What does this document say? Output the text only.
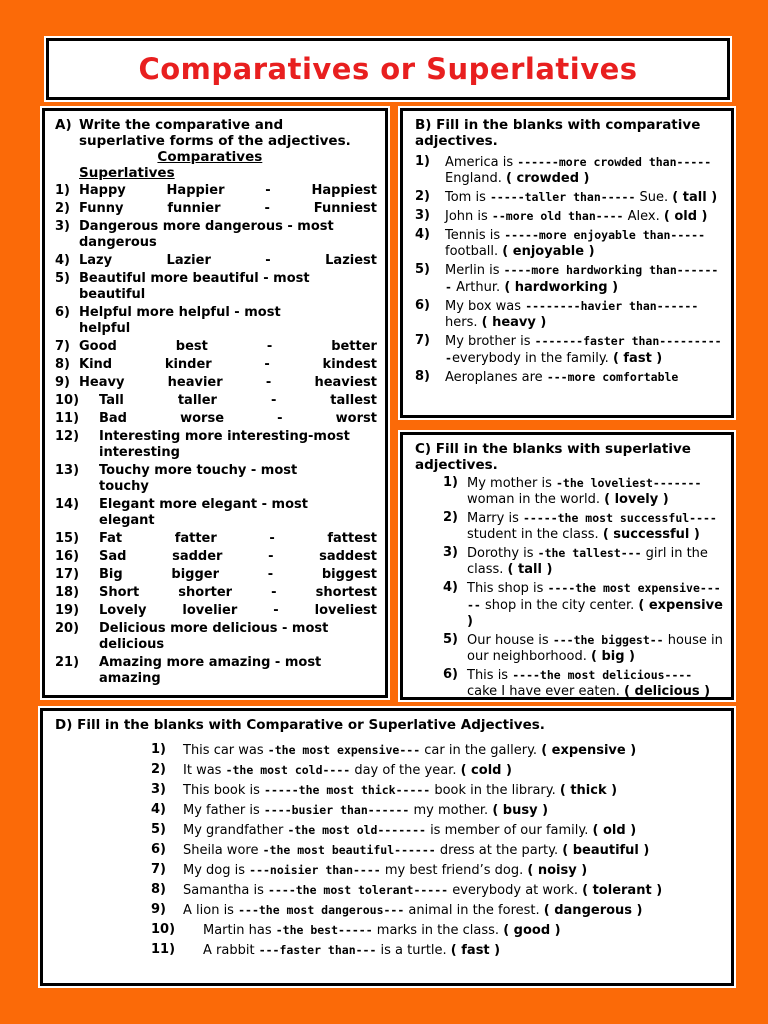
Comparatives or Superlatives
A) Write the comparative and
superlative forms of the adjectives.
Comparatives
Superlatives
1) Happy	Happier	-	Happiest
2) Funny	funnier	-	Funniest
3) Dangerous more dangerous - most
dangerous
4) Lazy	Lazier	-	Laziest
5) Beautiful more beautiful - most
beautiful
6) Helpful more helpful - most
helpful
7) Good	best	-	better
8) Kind	kinder	-	kindest
9) Heavy	heavier	-	heaviest
10)	Tall	taller	-	tallest
11)	Bad	worse	-	worst
12)	Interesting more interesting-most
interesting
13)	Touchy more touchy - most
touchy
14)	Elegant more elegant - most
elegant
15)	Fat	fatter	-	fattest
16)	Sad	sadder	-	saddest
17)	Big	bigger	-	biggest
18)	Short	shorter	-	shortest
19)	Lovely	lovelier	-	loveliest
20)	Delicious more delicious - most
delicious
21)	Amazing more amazing - most
amazing
B) Fill in the blanks with comparative
adjectives.
1)	America is ------more crowded than----- England. ( crowded )
2)	Tom is -----taller than----- Sue. ( tall )
3)	John is --more old than---- Alex. ( old )
4)	Tennis is -----more enjoyable than----- football. ( enjoyable )
5)	Merlin is ----more hardworking than------- Arthur. ( hardworking )
6)	My box was --------havier than------ hers. ( heavy )
7)	My brother is -------faster than----------everybody in the family. ( fast )
8)	Aeroplanes are ---more comfortable
C) Fill in the blanks with superlative
adjectives.
1) My mother is -the loveliest------- woman in the world. ( lovely )
2) Marry is -----the most successful---- student in the class. ( successful )
3) Dorothy is -the tallest--- girl in the class. ( tall )
4) This shop is ----the most expensive----- shop in the city center. ( expensive )
5) Our house is ---the biggest-- house in our neighborhood. ( big )
6) This is ----the most delicious---- cake I have ever eaten. ( delicious )
D) Fill in the blanks with Comparative or Superlative Adjectives.
1)	This car was -the most expensive--- car in the gallery. ( expensive )
2)	It was -the most cold---- day of the year. ( cold )
3)	This book is -----the most thick----- book in the library. ( thick )
4)	My father is ----busier than------ my mother. ( busy )
5)	My grandfather -the most old------- is member of our family. ( old )
6)	Sheila wore -the most beautiful------ dress at the party. ( beautiful )
7)	My dog is ---noisier than---- my best friend’s dog. ( noisy )
8)	Samantha is ----the most tolerant----- everybody at work. ( tolerant )
9)	A lion is ---the most dangerous--- animal in the forest. ( dangerous )
10)	Martin has -the best----- marks in the class. ( good )
11)	A rabbit ---faster than--- is a turtle. ( fast )
